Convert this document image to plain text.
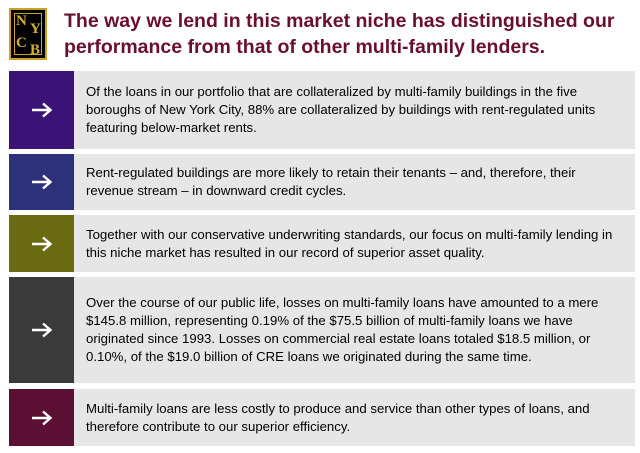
N Y
C B
The way we lend in this market niche has distinguished our performance from that of other multi-family lenders.
Of the loans in our portfolio that are collateralized by multi-family buildings in the five boroughs of New York City, 88% are collateralized by buildings with rent-regulated units featuring below-market rents.
Rent-regulated buildings are more likely to retain their tenants – and, therefore, their revenue stream – in downward credit cycles.
Together with our conservative underwriting standards, our focus on multi-family lending in this niche market has resulted in our record of superior asset quality.
Over the course of our public life, losses on multi-family loans have amounted to a mere $145.8 million, representing 0.19% of the $75.5 billion of multi-family loans we have originated since 1993. Losses on commercial real estate loans totaled $18.5 million, or 0.10%, of the $19.0 billion of CRE loans we originated during the same time.
Multi-family loans are less costly to produce and service than other types of loans, and therefore contribute to our superior efficiency.
